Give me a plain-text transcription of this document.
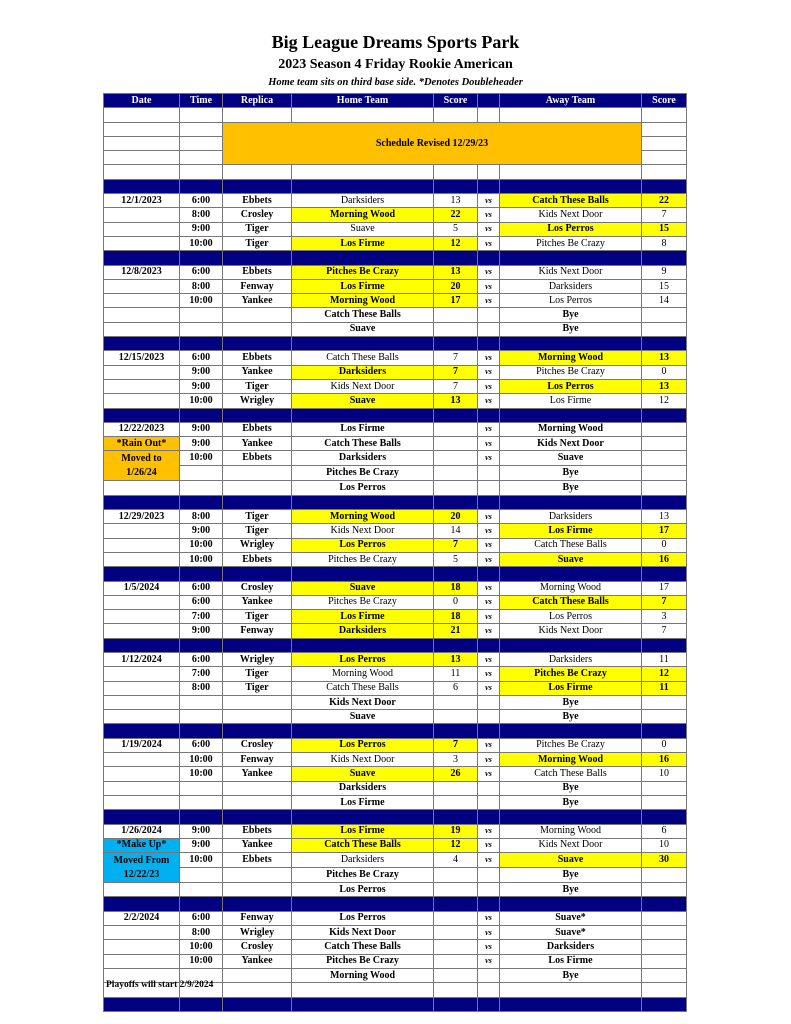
Big League Dreams Sports Park
2023 Season 4 Friday Rookie American
Home team sits on third base side. *Denotes Doubleheader
Date	Time	Replica	Home Team	Score		Away Team	Score

		Schedule Revised 12/29/23					

12/1/2023	6:00	Ebbets	Darksiders	13	vs	Catch These Balls	22
	8:00	Crosley	Morning Wood	22	vs	Kids Next Door	7
	9:00	Tiger	Suave	5	vs	Los Perros	15
	10:00	Tiger	Los Firme	12	vs	Pitches Be Crazy	8

12/8/2023	6:00	Ebbets	Pitches Be Crazy	13	vs	Kids Next Door	9
	8:00	Fenway	Los Firme	20	vs	Darksiders	15
	10:00	Yankee	Morning Wood	17	vs	Los Perros	14
			Catch These Balls			Bye	
			Suave			Bye	

12/15/2023	6:00	Ebbets	Catch These Balls	7	vs	Morning Wood	13
	9:00	Yankee	Darksiders	7	vs	Pitches Be Crazy	0
	9:00	Tiger	Kids Next Door	7	vs	Los Perros	13
	10:00	Wrigley	Suave	13	vs	Los Firme	12

12/22/2023	9:00	Ebbets	Los Firme		vs	Morning Wood	
*Rain Out*	9:00	Yankee	Catch These Balls		vs	Kids Next Door	
Moved to
1/26/24	10:00	Ebbets	Darksiders		vs	Suave	
			Pitches Be Crazy			Bye	
			Los Perros			Bye	

12/29/2023	8:00	Tiger	Morning Wood	20	vs	Darksiders	13
	9:00	Tiger	Kids Next Door	14	vs	Los Firme	17
	10:00	Wrigley	Los Perros	7	vs	Catch These Balls	0
	10:00	Ebbets	Pitches Be Crazy	5	vs	Suave	16

1/5/2024	6:00	Crosley	Suave	18	vs	Morning Wood	17
	6:00	Yankee	Pitches Be Crazy	0	vs	Catch These Balls	7
	7:00	Tiger	Los Firme	18	vs	Los Perros	3
	9:00	Fenway	Darksiders	21	vs	Kids Next Door	7

1/12/2024	6:00	Wrigley	Los Perros	13	vs	Darksiders	11
	7:00	Tiger	Morning Wood	11	vs	Pitches Be Crazy	12
	8:00	Tiger	Catch These Balls	6	vs	Los Firme	11
			Kids Next Door			Bye	
			Suave			Bye	

1/19/2024	6:00	Crosley	Los Perros	7	vs	Pitches Be Crazy	0
	10:00	Fenway	Kids Next Door	3	vs	Morning Wood	16
	10:00	Yankee	Suave	26	vs	Catch These Balls	10
			Darksiders			Bye	
			Los Firme			Bye	

1/26/2024	9:00	Ebbets	Los Firme	19	vs	Morning Wood	6
*Make Up*	9:00	Yankee	Catch These Balls	12	vs	Kids Next Door	10
Moved From
12/22/23	10:00	Ebbets	Darksiders	4	vs	Suave	30
			Pitches Be Crazy			Bye	
			Los Perros			Bye	

2/2/2024	6:00	Fenway	Los Perros		vs	Suave*	
	8:00	Wrigley	Kids Next Door		vs	Suave*	
	10:00	Crosley	Catch These Balls		vs	Darksiders	
	10:00	Yankee	Pitches Be Crazy		vs	Los Firme	
			Morning Wood			Bye	

Playoffs will start 2/9/2024
